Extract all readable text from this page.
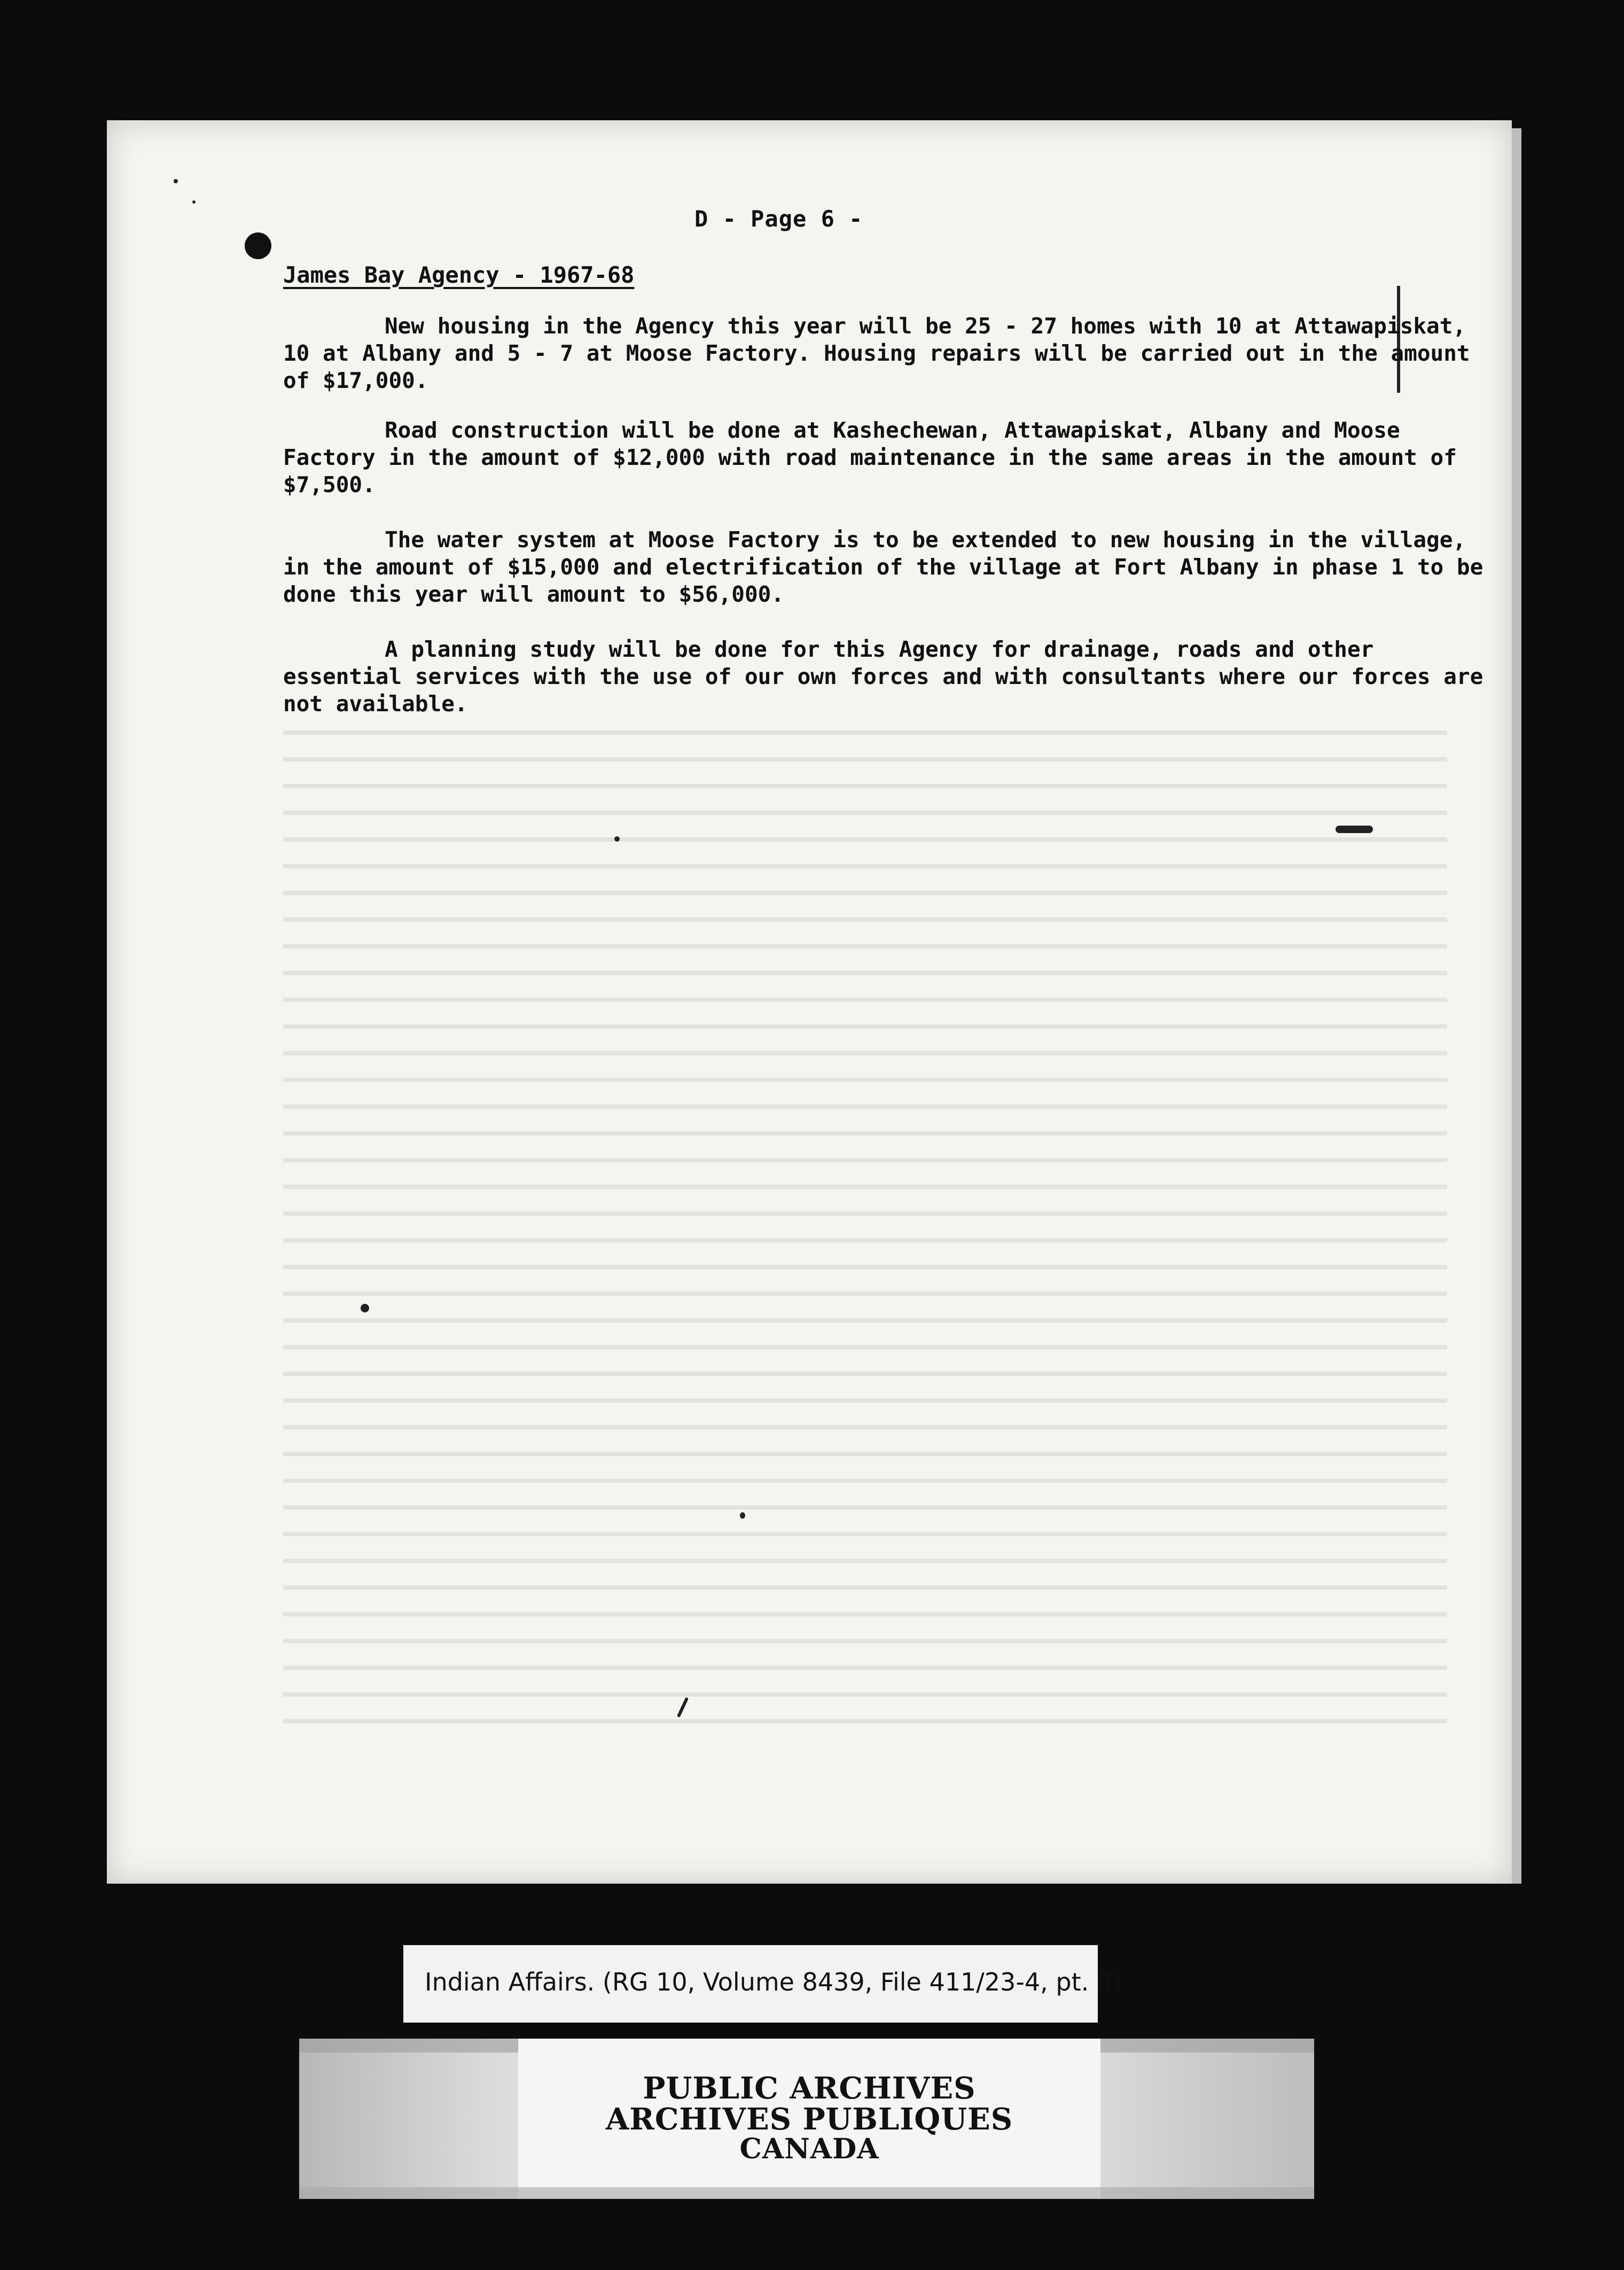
D - Page 6 -
James Bay Agency - 1967-68

New housing in the Agency this year will be 25 - 27 homes with 10 at Attawapiskat, 10 at Albany and 5 - 7 at Moose Factory. Housing repairs will be carried out in the amount of $17,000.

Road construction will be done at Kashechewan, Attawapiskat, Albany and Moose Factory in the amount of $12,000 with road maintenance in the same areas in the amount of $7,500.

The water system at Moose Factory is to be extended to new housing in the village, in the amount of $15,000 and electrification of the village at Fort Albany in phase 1 to be done this year will amount to $56,000.

A planning study will be done for this Agency for drainage, roads and other essential services with the use of our own forces and with consultants where our forces are not available.

Indian Affairs. (RG 10, Volume 8439, File 411/23-4, pt. 3)
PUBLIC ARCHIVES
ARCHIVES PUBLIQUES
CANADA
